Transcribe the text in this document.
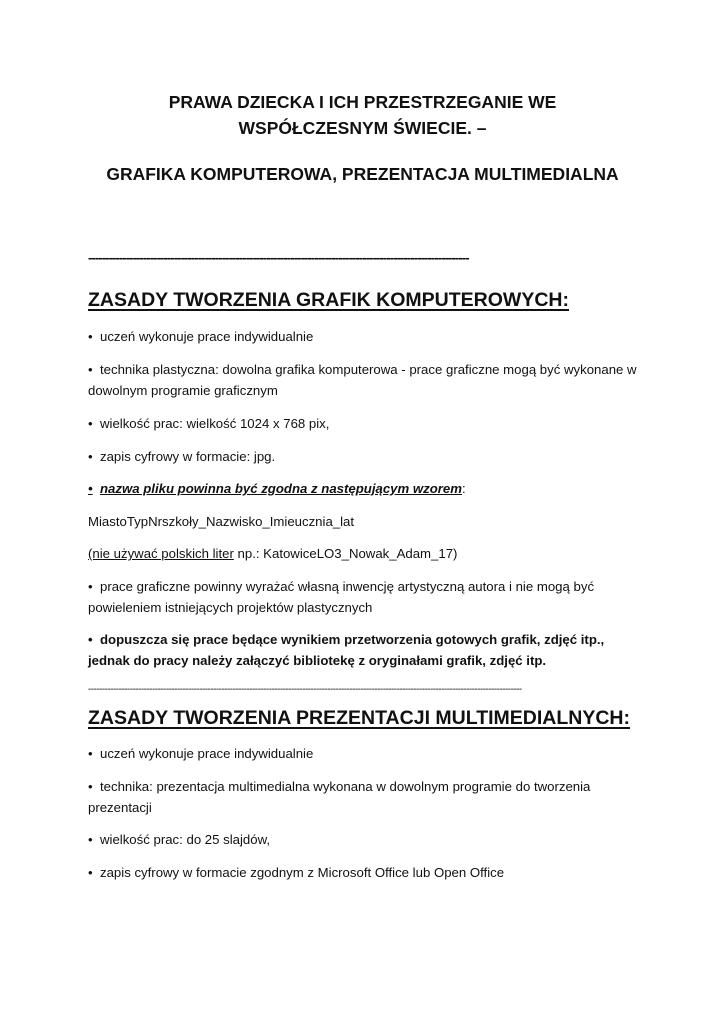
PRAWA DZIECKA I ICH PRZESTRZEGANIE WE
WSPÓŁCZESNYM ŚWIECIE. –

GRAFIKA KOMPUTEROWA, PREZENTACJA MULTIMEDIALNA

---------------------------------------------------------------------------------------------------------------

ZASADY TWORZENIA GRAFIK KOMPUTEROWYCH:

• uczeń wykonuje prace indywidualnie

• technika plastyczna: dowolna grafika komputerowa - prace graficzne mogą być wykonane w dowolnym programie graficznym

• wielkość prac: wielkość 1024 x 768 pix,

• zapis cyfrowy w formacie: jpg.

• nazwa pliku powinna być zgodna z następującym wzorem:

MiastoTypNrszkoły_Nazwisko_Imieucznia_lat

(nie używać polskich liter np.: KatowiceLO3_Nowak_Adam_17)

• prace graficzne powinny wyrażać własną inwencję artystyczną autora i nie mogą być powieleniem istniejących projektów plastycznych

• dopuszcza się prace będące wynikiem przetworzenia gotowych grafik, zdjęć itp., jednak do pracy należy załączyć bibliotekę z oryginałami grafik, zdjęć itp.

------------------------------------------------------------------------------------------------------------------------------------------------------------

ZASADY TWORZENIA PREZENTACJI MULTIMEDIALNYCH:

• uczeń wykonuje prace indywidualnie

• technika: prezentacja multimedialna wykonana w dowolnym programie do tworzenia prezentacji

• wielkość prac: do 25 slajdów,

• zapis cyfrowy w formacie zgodnym z Microsoft Office lub Open Office
